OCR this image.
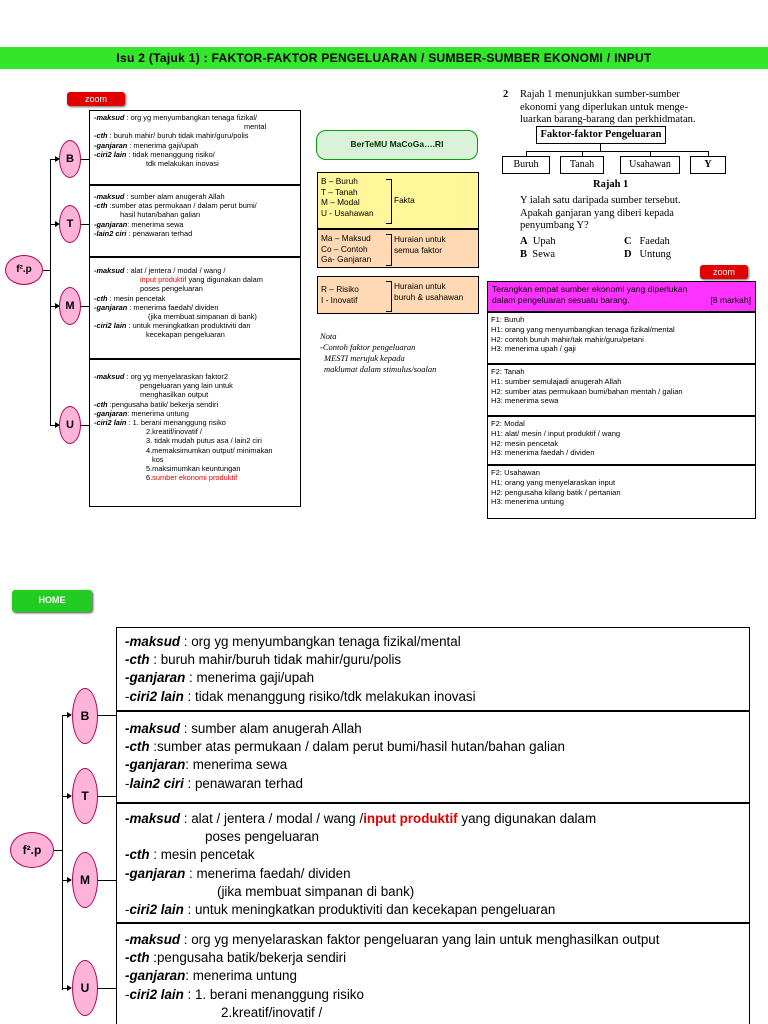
Isu 2 (Tajuk 1) : FAKTOR-FAKTOR PENGELUARAN / SUMBER-SUMBER EKONOMI / INPUT
zoom
f².p
B
T
M
U
-maksud : org yg menyumbangkan tenaga fizikal/
mental
-cth : buruh mahir/ buruh tidak mahir/guru/polis
-ganjaran : menerima gaji/upah
-ciri2 lain : tidak menanggung risiko/
tdk melakukan inovasi
-maksud : sumber alam anugerah Allah
-cth :sumber atas permukaan / dalam perut bumi/
hasil hutan/bahan galian
-ganjaran: menerima sewa
-lain2 ciri : penawaran terhad
-maksud : alat / jentera / modal / wang /
input produktif yang digunakan dalam
poses pengeluaran
-cth : mesin pencetak
-ganjaran : menerima faedah/ dividen
(jika membuat simpanan di bank)
-ciri2 lain : untuk meningkatkan produktiviti dan
kecekapan pengeluaran
-maksud : org yg menyelaraskan faktor2
pengeluaran yang lain untuk
menghasilkan output
-cth :pengusaha batik/ bekerja sendiri
-ganjaran: menerima untung
-ciri2 lain : 1. berani menanggung risiko
2.kreatif/inovatif /
3. tidak mudah putus asa / lain2 ciri
4.memaksimumkan output/ minimakan
kos
5.maksimumkan keuntungan
6.sumber ekonomi produktif
BerTeMU MaCoGa….RI
B – Buruh
T – Tanah
M – Modal
U - Usahawan
Fakta
Ma – Maksud
Co – Contoh
Ga- Ganjaran
Huraian untuk
semua faktor
R – Risiko
I - Inovatif
Huraian untuk
buruh & usahawan
Nota
-Contoh faktor pengeluaran
MESTI merujuk kepada
maklumat dalam stimulus/soalan
2 Rajah 1 menunjukkan sumber-sumber
ekonomi yang diperlukan untuk menge-
luarkan barang-barang dan perkhidmatan.
Faktor-faktor Pengeluaran
Buruh	Tanah	Usahawan	Y
Rajah 1
Y ialah satu daripada sumber tersebut.
Apakah ganjaran yang diberi kepada
penyumbang Y?
A Upah
B Sewa
C Faedah
D Untung
zoom
Terangkan empat sumber ekonomi yang diperlukan
dalam pengeluaran sesuatu barang.	[8 markah]
F1: Buruh
H1: orang yang menyumbangkan tenaga fizikal/mental
H2: contoh buruh mahir/tak mahir/guru/petani
H3: menerima upah / gaji
F2: Tanah
H1: sumber semulajadi anugerah Allah
H2: sumber atas permukaan bumi/bahan mentah / galian
H3: menerima sewa
F2: Modal
H1: alat/ mesin / input produktif / wang
H2: mesin pencetak
H3: menerima faedah / dividen
F2: Usahawan
H1: orang yang menyelaraskan input
H2: pengusaha kilang batik / pertanian
H3: menerima untung
HOME
f².p
B
T
M
U
-maksud : org yg menyumbangkan tenaga fizikal/mental
-cth : buruh mahir/buruh tidak mahir/guru/polis
-ganjaran : menerima gaji/upah
-ciri2 lain : tidak menanggung risiko/tdk melakukan inovasi
-maksud : sumber alam anugerah Allah
-cth :sumber atas permukaan / dalam perut bumi/hasil hutan/bahan galian
-ganjaran: menerima sewa
-lain2 ciri : penawaran terhad
-maksud : alat / jentera / modal / wang /input produktif yang digunakan dalam
poses pengeluaran
-cth : mesin pencetak
-ganjaran : menerima faedah/ dividen
(jika membuat simpanan di bank)
-ciri2 lain : untuk meningkatkan produktiviti dan kecekapan pengeluaran
-maksud : org yg menyelaraskan faktor pengeluaran yang lain untuk menghasilkan output
-cth :pengusaha batik/bekerja sendiri
-ganjaran: menerima untung
-ciri2 lain : 1. berani menanggung risiko
2.kreatif/inovatif /
